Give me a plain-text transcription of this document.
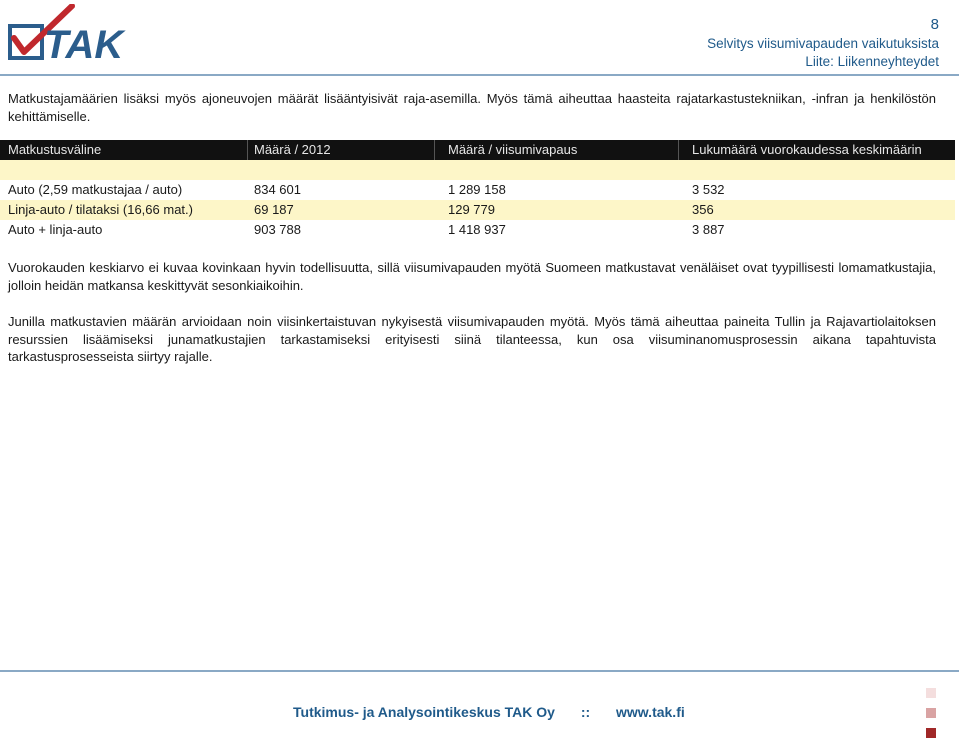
TAK	8
Selvitys viisumivapauden vaikutuksista
Liite: Liikenneyhteydet

Matkustajamäärien lisäksi myös ajoneuvojen määrät lisääntyisivät raja-asemilla. Myös tämä aiheuttaa haasteita rajatarkastustekniikan, -infran ja henkilöstön kehittämiselle.

Matkustusväline	Määrä / 2012	Määrä / viisumivapaus	Lukumäärä vuorokaudessa keskimäärin
Auto (2,59 matkustajaa / auto)	834 601	1 289 158	3 532
Linja-auto / tilataksi (16,66 mat.)	69 187	129 779	356
Auto + linja-auto	903 788	1 418 937	3 887

Vuorokauden keskiarvo ei kuvaa kovinkaan hyvin todellisuutta, sillä viisumivapauden myötä Suomeen matkustavat venäläiset ovat tyypillisesti lomamatkustajia, jolloin heidän matkansa keskittyvät sesonkiaikoihin.

Junilla matkustavien määrän arvioidaan noin viisinkertaistuvan nykyisestä viisumivapauden myötä. Myös tämä aiheuttaa paineita Tullin ja Rajavartiolaitoksen resurssien lisäämiseksi junamatkustajien tarkastamiseksi erityisesti siinä tilanteessa, kun osa viisuminanomusprosessin aikana tapahtuvista tarkastusprosesseista siirtyy rajalle.

Tutkimus- ja Analysointikeskus TAK Oy :: www.tak.fi
